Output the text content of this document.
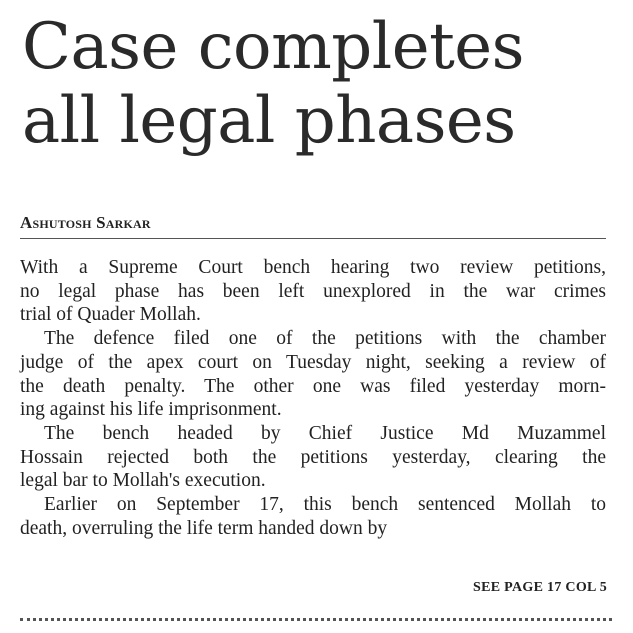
Case completes
all legal phases
Ashutosh Sarkar

With a Supreme Court bench hearing two review petitions,
no legal phase has been left unexplored in the war crimes
trial of Quader Mollah.

The defence filed one of the petitions with the chamber
judge of the apex court on Tuesday night, seeking a review of
the death penalty. The other one was filed yesterday morn-
ing against his life imprisonment.

The bench headed by Chief Justice Md Muzammel
Hossain rejected both the petitions yesterday, clearing the
legal bar to Mollah's execution.

Earlier on September 17, this bench sentenced Mollah to
death, overruling the life term handed down by

SEE PAGE 17 COL 5
